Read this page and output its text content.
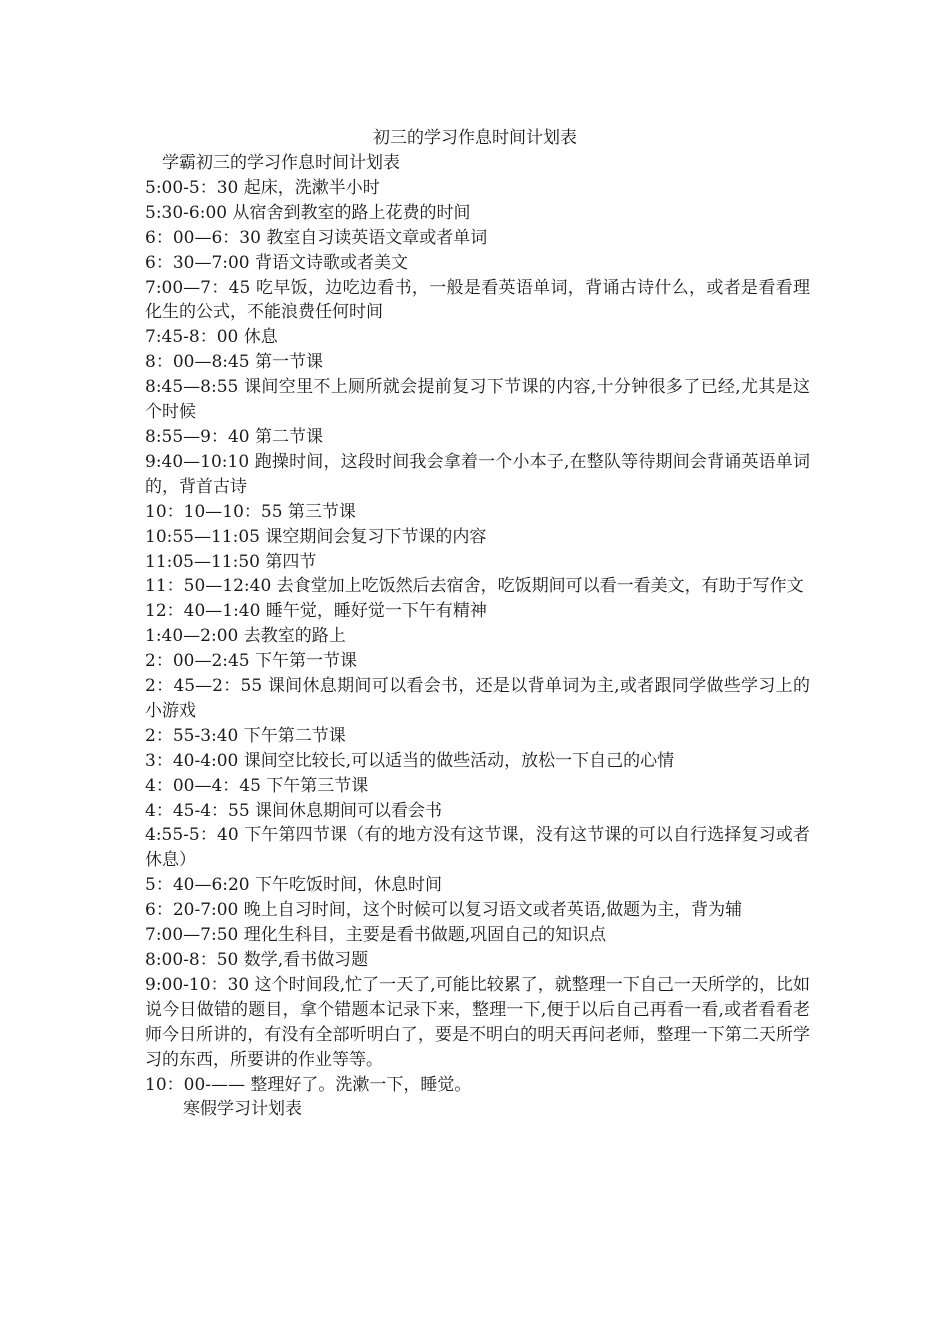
初三的学习作息时间计划表
学霸初三的学习作息时间计划表
5:00-5：30 起床，洗漱半小时
5:30-6:00 从宿舍到教室的路上花费的时间
6：00—6：30 教室自习读英语文章或者单词
6：30—7:00 背语文诗歌或者美文
7:00—7：45 吃早饭，边吃边看书，一般是看英语单词，背诵古诗什么，或者是看看理化生的公式，不能浪费任何时间
7:45-8：00 休息
8：00—8:45 第一节课
8:45—8:55 课间空里不上厕所就会提前复习下节课的内容,十分钟很多了已经,尤其是这个时候
8:55—9：40 第二节课
9:40—10:10 跑操时间，这段时间我会拿着一个小本子,在整队等待期间会背诵英语单词的，背首古诗
10：10—10：55 第三节课
10:55—11:05 课空期间会复习下节课的内容
11:05—11:50 第四节
11：50—12:40 去食堂加上吃饭然后去宿舍，吃饭期间可以看一看美文，有助于写作文
12：40—1:40 睡午觉，睡好觉一下午有精神
1:40—2:00 去教室的路上
2：00—2:45 下午第一节课
2：45—2：55 课间休息期间可以看会书，还是以背单词为主,或者跟同学做些学习上的小游戏
2：55-3:40 下午第二节课
3：40-4:00 课间空比较长,可以适当的做些活动，放松一下自己的心情
4：00—4：45 下午第三节课
4：45-4：55 课间休息期间可以看会书
4:55-5：40 下午第四节课（有的地方没有这节课，没有这节课的可以自行选择复习或者休息）
5：40—6:20 下午吃饭时间，休息时间
6：20-7:00 晚上自习时间，这个时候可以复习语文或者英语,做题为主，背为辅
7:00—7:50 理化生科目，主要是看书做题,巩固自己的知识点
8:00-8：50 数学,看书做习题
9:00-10：30 这个时间段,忙了一天了,可能比较累了，就整理一下自己一天所学的，比如说今日做错的题目，拿个错题本记录下来，整理一下,便于以后自己再看一看,或者看看老师今日所讲的，有没有全部听明白了，要是不明白的明天再问老师，整理一下第二天所学习的东西，所要讲的作业等等。
10：00-—— 整理好了。洗漱一下，睡觉。
寒假学习计划表
